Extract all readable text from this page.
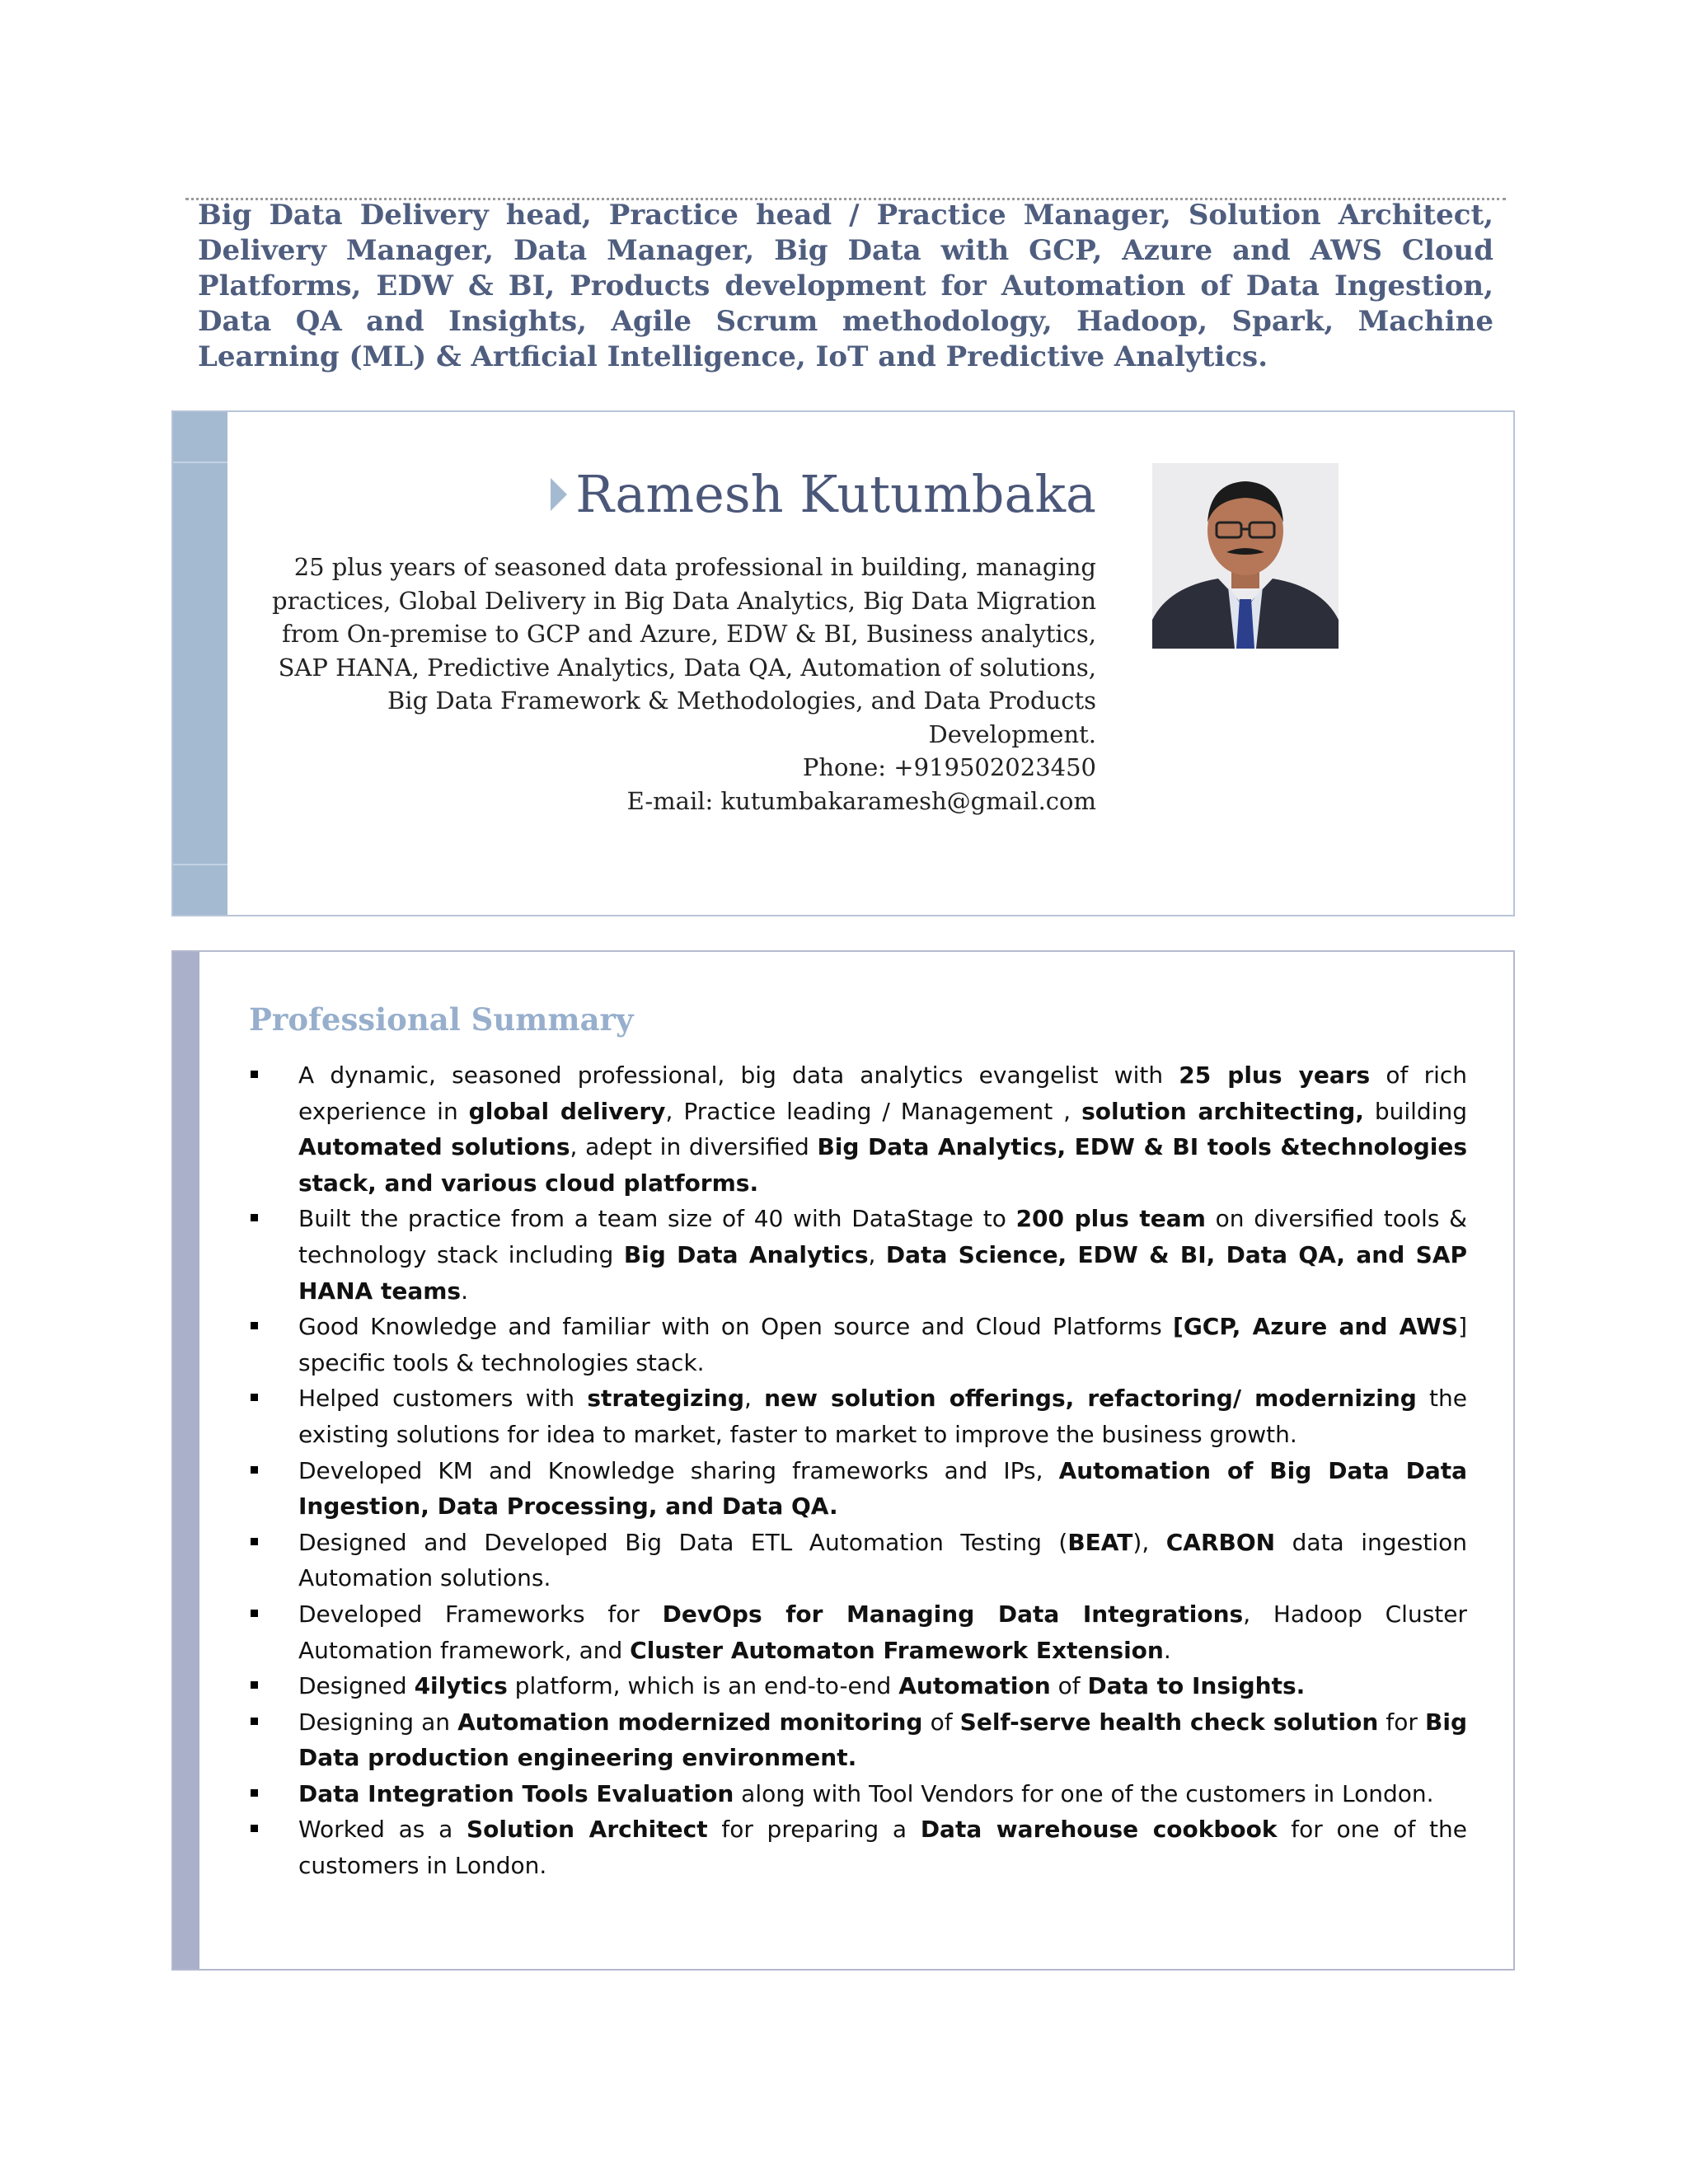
Big Data Delivery head, Practice head / Practice Manager, Solution Architect, Delivery Manager, Data Manager, Big Data with GCP, Azure and AWS Cloud Platforms, EDW & BI, Products development for Automation of Data Ingestion, Data QA and Insights, Agile Scrum methodology, Hadoop, Spark, Machine Learning (ML) & Artficial Intelligence, IoT and Predictive Analytics.

Ramesh Kutumbaka
25 plus years of seasoned data professional in building, managing
practices, Global Delivery in Big Data Analytics, Big Data Migration
from On-premise to GCP and Azure, EDW & BI, Business analytics,
SAP HANA, Predictive Analytics, Data QA, Automation of solutions,
Big Data Framework & Methodologies, and Data Products
Development.
Phone: +919502023450
E-mail: kutumbakaramesh@gmail.com
Professional Summary
A dynamic, seasoned professional, big data analytics evangelist with 25 plus years of rich experience in global delivery, Practice leading / Management , solution architecting, building Automated solutions, adept in diversified Big Data Analytics, EDW & BI tools &technologies stack, and various cloud platforms.
Built the practice from a team size of 40 with DataStage to 200 plus team on diversified tools & technology stack including Big Data Analytics, Data Science, EDW & BI, Data QA, and SAP HANA teams.
Good Knowledge and familiar with on Open source and Cloud Platforms [GCP, Azure and AWS] specific tools & technologies stack.
Helped customers with strategizing, new solution offerings, refactoring/ modernizing the existing solutions for idea to market, faster to market to improve the business growth.
Developed KM and Knowledge sharing frameworks and IPs, Automation of Big Data Data Ingestion, Data Processing, and Data QA.
Designed and Developed Big Data ETL Automation Testing (BEAT), CARBON data ingestion Automation solutions.
Developed Frameworks for DevOps for Managing Data Integrations, Hadoop Cluster Automation framework, and Cluster Automaton Framework Extension.
Designed 4ilytics platform, which is an end-to-end Automation of Data to Insights.
Designing an Automation modernized monitoring of Self-serve health check solution for Big Data production engineering environment.
Data Integration Tools Evaluation along with Tool Vendors for one of the customers in London.
Worked as a Solution Architect for preparing a Data warehouse cookbook for one of the customers in London.
